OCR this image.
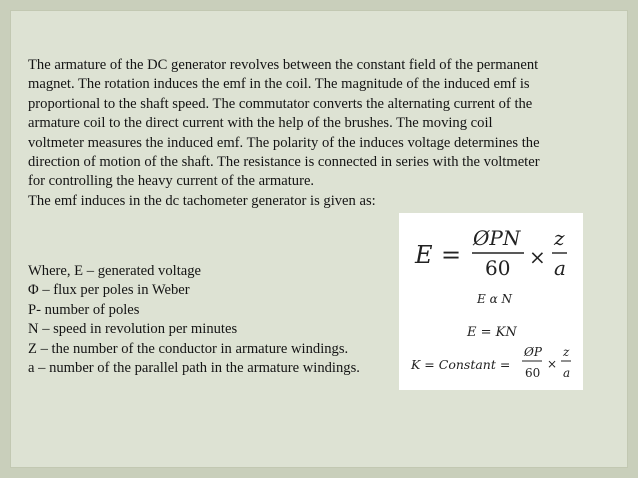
The armature of the DC generator revolves between the constant field of the permanent
magnet. The rotation induces the emf in the coil. The magnitude of the induced emf is
proportional to the shaft speed. The commutator converts the alternating current of the
armature coil to the direct current with the help of the brushes. The moving coil
voltmeter measures the induced emf. The polarity of the induces voltage determines the
direction of motion of the shaft. The resistance is connected in series with the voltmeter
for controlling the heavy current of the armature.
The emf induces in the dc tachometer generator is given as:

E =
ØPN
60 ×
z
a
E α N
E = KN
K = Constant =
ØP
60
×
z
a

Where, E – generated voltage
Φ – flux per poles in Weber
P- number of poles
N – speed in revolution per minutes
Z – the number of the conductor in armature windings.
a – number of the parallel path in the armature windings.
